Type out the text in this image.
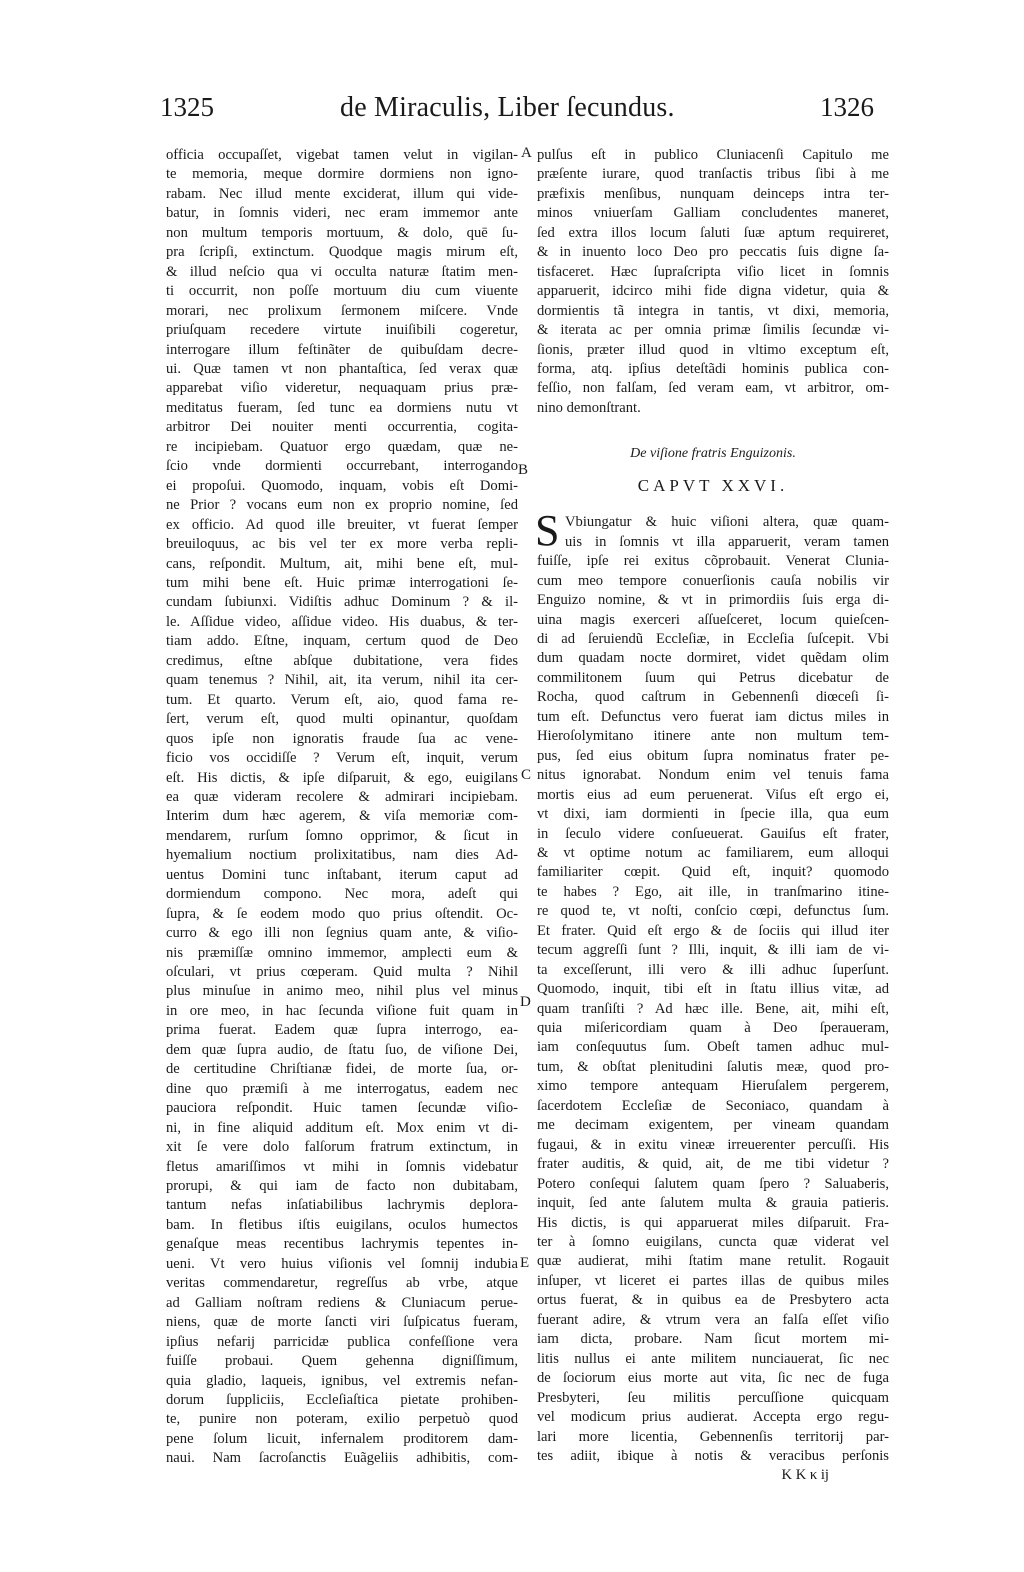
1325	de Miraculis, Liber ſecundus.	1326
A
B
C
D
E
officia occupaſſet, vigebat tamen velut in vigilan-
te memoria, meque dormire dormiens non igno-
rabam. Nec illud mente exciderat, illum qui vide-
batur, in ſomnis videri, nec eram immemor ante
non multum temporis mortuum, & dolo, quē ſu-
pra ſcripſi, extinctum. Quodque magis mirum eſt,
& illud neſcio qua vi occulta naturæ ſtatim men-
ti occurrit, non poſſe mortuum diu cum viuente
morari, nec prolixum ſermonem miſcere. Vnde
priuſquam recedere virtute inuiſibili cogeretur,
interrogare illum feſtinãter de quibuſdam decre-
ui. Quæ tamen vt non phantaſtica, ſed verax quæ
apparebat viſio videretur, nequaquam prius præ-
meditatus fueram, ſed tunc ea dormiens nutu vt
arbitror Dei nouiter menti occurrentia, cogita-
re incipiebam. Quatuor ergo quædam, quæ ne-
ſcio vnde dormienti occurrebant, interrogando
ei propoſui. Quomodo, inquam, vobis eſt Domi-
ne Prior ? vocans eum non ex proprio nomine, ſed
ex officio. Ad quod ille breuiter, vt fuerat ſemper
breuiloquus, ac bis vel ter ex more verba repli-
cans, reſpondit. Multum, ait, mihi bene eſt, mul-
tum mihi bene eſt. Huic primæ interrogationi ſe-
cundam ſubiunxi. Vidiſtis adhuc Dominum ? & il-
le. Aſſidue video, aſſidue video. His duabus, & ter-
tiam addo. Eſtne, inquam, certum quod de Deo
credimus, eſtne abſque dubitatione, vera fides
quam tenemus ? Nihil, ait, ita verum, nihil ita cer-
tum. Et quarto. Verum eſt, aio, quod fama re-
ſert, verum eſt, quod multi opinantur, quoſdam
quos ipſe non ignoratis fraude ſua ac vene-
ficio vos occidiſſe ? Verum eſt, inquit, verum
eſt. His dictis, & ipſe diſparuit, & ego, euigilans
ea quæ videram recolere & admirari incipiebam.
Interim dum hæc agerem, & viſa memoriæ com-
mendarem, rurſum ſomno opprimor, & ſicut in
hyemalium noctium prolixitatibus, nam dies Ad-
uentus Domini tunc inſtabant, iterum caput ad
dormiendum compono. Nec mora, adeſt qui
ſupra, & ſe eodem modo quo prius oſtendit. Oc-
curro & ego illi non ſegnius quam ante, & viſio-
nis præmiſſæ omnino immemor, amplecti eum &
oſculari, vt prius cœperam. Quid multa ? Nihil
plus minuſue in animo meo, nihil plus vel minus
in ore meo, in hac ſecunda viſione fuit quam in
prima fuerat. Eadem quæ ſupra interrogo, ea-
dem quæ ſupra audio, de ſtatu ſuo, de viſione Dei,
de certitudine Chriſtianæ fidei, de morte ſua, or-
dine quo præmiſi à me interrogatus, eadem nec
pauciora reſpondit. Huic tamen ſecundæ viſio-
ni, in fine aliquid additum eſt. Mox enim vt di-
xit ſe vere dolo falſorum fratrum extinctum, in
fletus amariſſimos vt mihi in ſomnis videbatur
prorupi, & qui iam de facto non dubitabam,
tantum nefas inſatiabilibus lachrymis deplora-
bam. In fletibus iſtis euigilans, oculos humectos
genaſque meas recentibus lachrymis tepentes in-
ueni. Vt vero huius viſionis vel ſomnij indubia
veritas commendaretur, regreſſus ab vrbe, atque
ad Galliam noſtram rediens & Cluniacum perue-
niens, quæ de morte ſancti viri ſuſpicatus fueram,
ipſius nefarij parricidæ publica confeſſione vera
fuiſſe probaui. Quem gehenna digniſſimum,
quia gladio, laqueis, ignibus, vel extremis nefan-
dorum ſuppliciis, Eccleſiaſtica pietate prohiben-
te, punire non poteram, exilio perpetuò quod
pene ſolum licuit, infernalem proditorem dam-
naui. Nam ſacroſanctis Euãgeliis adhibitis, com-
pulſus eſt in publico Cluniacenſi Capitulo me
præſente iurare, quod tranſactis tribus ſibi à me
præfixis menſibus, nunquam deinceps intra ter-
minos vniuerſam Galliam concludentes maneret,
ſed extra illos locum ſaluti ſuæ aptum requireret,
& in inuento loco Deo pro peccatis ſuis digne ſa-
tisfaceret. Hæc ſupraſcripta viſio licet in ſomnis
apparuerit, idcirco mihi fide digna videtur, quia &
dormientis tã integra in tantis, vt dixi, memoria,
& iterata ac per omnia primæ ſimilis ſecundæ vi-
ſionis, præter illud quod in vltimo exceptum eſt,
forma, atq. ipſius deteſtãdi hominis publica con-
feſſio, non falſam, ſed veram eam, vt arbitror, om-
nino demonſtrant.
De viſione fratris Enguizonis.
CAPVT XXVI.
S Vbiungatur & huic viſioni altera, quæ quam-
uis in ſomnis vt illa apparuerit, veram tamen
fuiſſe, ipſe rei exitus cõprobauit. Venerat Clunia-
cum meo tempore conuerſionis cauſa nobilis vir
Enguizo nomine, & vt in primordiis ſuis erga di-
uina magis exerceri aſſueſceret, locum quieſcen-
di ad ſeruiendũ Eccleſiæ, in Eccleſia ſuſcepit. Vbi
dum quadam nocte dormiret, videt quẽdam olim
commilitonem ſuum qui Petrus dicebatur de
Rocha, quod caſtrum in Gebennenſi diœceſi ſi-
tum eſt. Defunctus vero fuerat iam dictus miles in
Hieroſolymitano itinere ante non multum tem-
pus, ſed eius obitum ſupra nominatus frater pe-
nitus ignorabat. Nondum enim vel tenuis fama
mortis eius ad eum peruenerat. Viſus eſt ergo ei,
vt dixi, iam dormienti in ſpecie illa, qua eum
in ſeculo videre conſueuerat. Gauiſus eſt frater,
& vt optime notum ac familiarem, eum alloqui
familiariter cœpit. Quid eſt, inquit? quomodo
te habes ? Ego, ait ille, in tranſmarino itine-
re quod te, vt noſti, conſcio cœpi, defunctus ſum.
Et frater. Quid eſt ergo & de ſociis qui illud iter
tecum aggreſſi ſunt ? Illi, inquit, & illi iam de vi-
ta exceſſerunt, illi vero & illi adhuc ſuperſunt.
Quomodo, inquit, tibi eſt in ſtatu illius vitæ, ad
quam tranſiſti ? Ad hæc ille. Bene, ait, mihi eſt,
quia miſericordiam quam à Deo ſperaueram,
iam conſequutus ſum. Obeſt tamen adhuc mul-
tum, & obſtat plenitudini ſalutis meæ, quod pro-
ximo tempore antequam Hieruſalem pergerem,
ſacerdotem Eccleſiæ de Seconiaco, quandam à
me decimam exigentem, per vineam quandam
fugaui, & in exitu vineæ irreuerenter percuſſi. His
frater auditis, & quid, ait, de me tibi videtur ?
Potero conſequi ſalutem quam ſpero ? Saluaberis,
inquit, ſed ante ſalutem multa & grauia patieris.
His dictis, is qui apparuerat miles diſparuit. Fra-
ter à ſomno euigilans, cuncta quæ viderat vel
quæ audierat, mihi ſtatim mane retulit. Rogauit
inſuper, vt liceret ei partes illas de quibus miles
ortus fuerat, & in quibus ea de Presbytero acta
fuerant adire, & vtrum vera an falſa eſſet viſio
iam dicta, probare. Nam ſicut mortem mi-
litis nullus ei ante militem nunciauerat, ſic nec
de ſociorum eius morte aut vita, ſic nec de fuga
Presbyteri, ſeu militis percuſſione quicquam
vel modicum prius audierat. Accepta ergo regu-
lari more licentia, Gebennenſis territorij par-
tes adiit, ibique à notis & veracibus perſonis
K K κ ij
